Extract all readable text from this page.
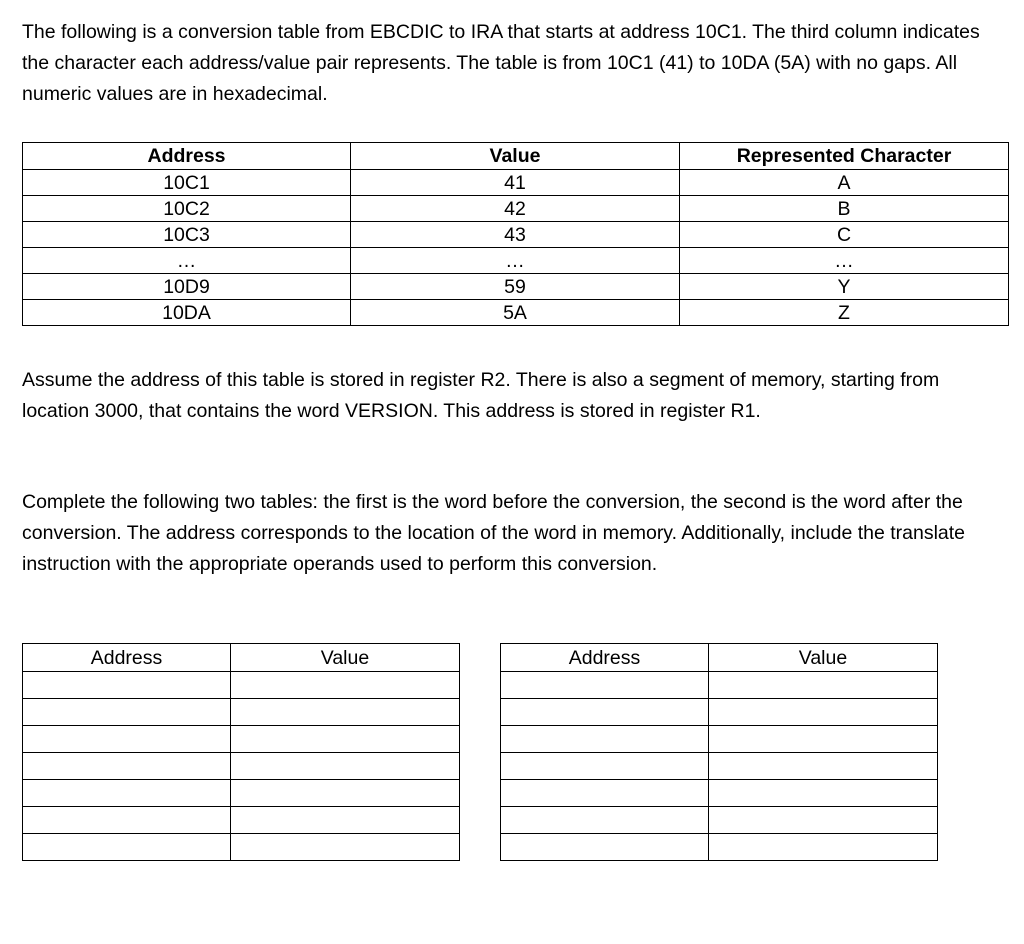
The following is a conversion table from EBCDIC to IRA that starts at address 10C1. The third column indicates the character each address/value pair represents. The table is from 10C1 (41) to 10DA (5A) with no gaps. All numeric values are in hexadecimal.

Address	Value	Represented Character
10C1	41	A
10C2	42	B
10C3	43	C
…	…	…
10D9	59	Y
10DA	5A	Z

Assume the address of this table is stored in register R2. There is also a segment of memory, starting from location 3000, that contains the word VERSION. This address is stored in register R1.

Complete the following two tables: the first is the word before the conversion, the second is the word after the conversion. The address corresponds to the location of the word in memory. Additionally, include the translate instruction with the appropriate operands used to perform this conversion.

Address	Value

		Address	Value
